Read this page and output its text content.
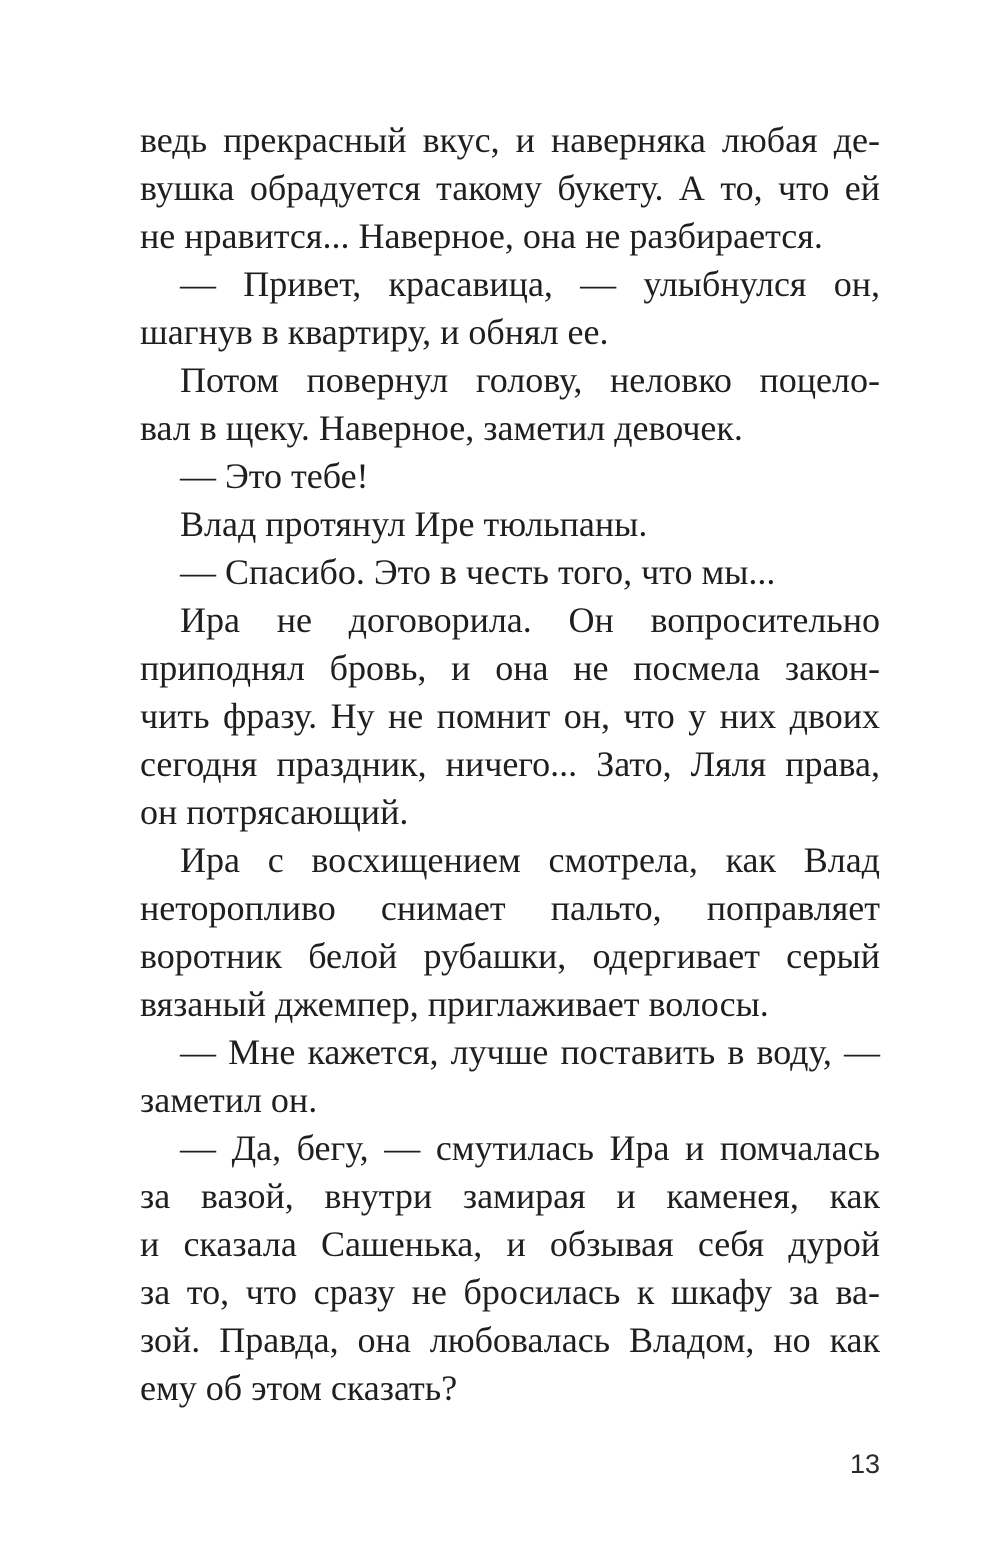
ведь прекрасный вкус, и наверняка любая де-
вушка обрадуется такому букету. А то, что ей
не нравится... Наверное, она не разбирается.
— Привет, красавица, — улыбнулся он,
шагнув в квартиру, и обнял ее.
Потом повернул голову, неловко поцело-
вал в щеку. Наверное, заметил девочек.
— Это тебе!
Влад протянул Ире тюльпаны.
— Спасибо. Это в честь того, что мы...
Ира не договорила. Он вопросительно
приподнял бровь, и она не посмела закон-
чить фразу. Ну не помнит он, что у них двоих
сегодня праздник, ничего... Зато, Ляля права,
он потрясающий.
Ира с восхищением смотрела, как Влад
неторопливо снимает пальто, поправляет
воротник белой рубашки, одергивает серый
вязаный джемпер, приглаживает волосы.
— Мне кажется, лучше поставить в воду, —
заметил он.
— Да, бегу, — смутилась Ира и помчалась
за вазой, внутри замирая и каменея, как
и сказала Сашенька, и обзывая себя дурой
за то, что сразу не бросилась к шкафу за ва-
зой. Правда, она любовалась Владом, но как
ему об этом сказать?
13
